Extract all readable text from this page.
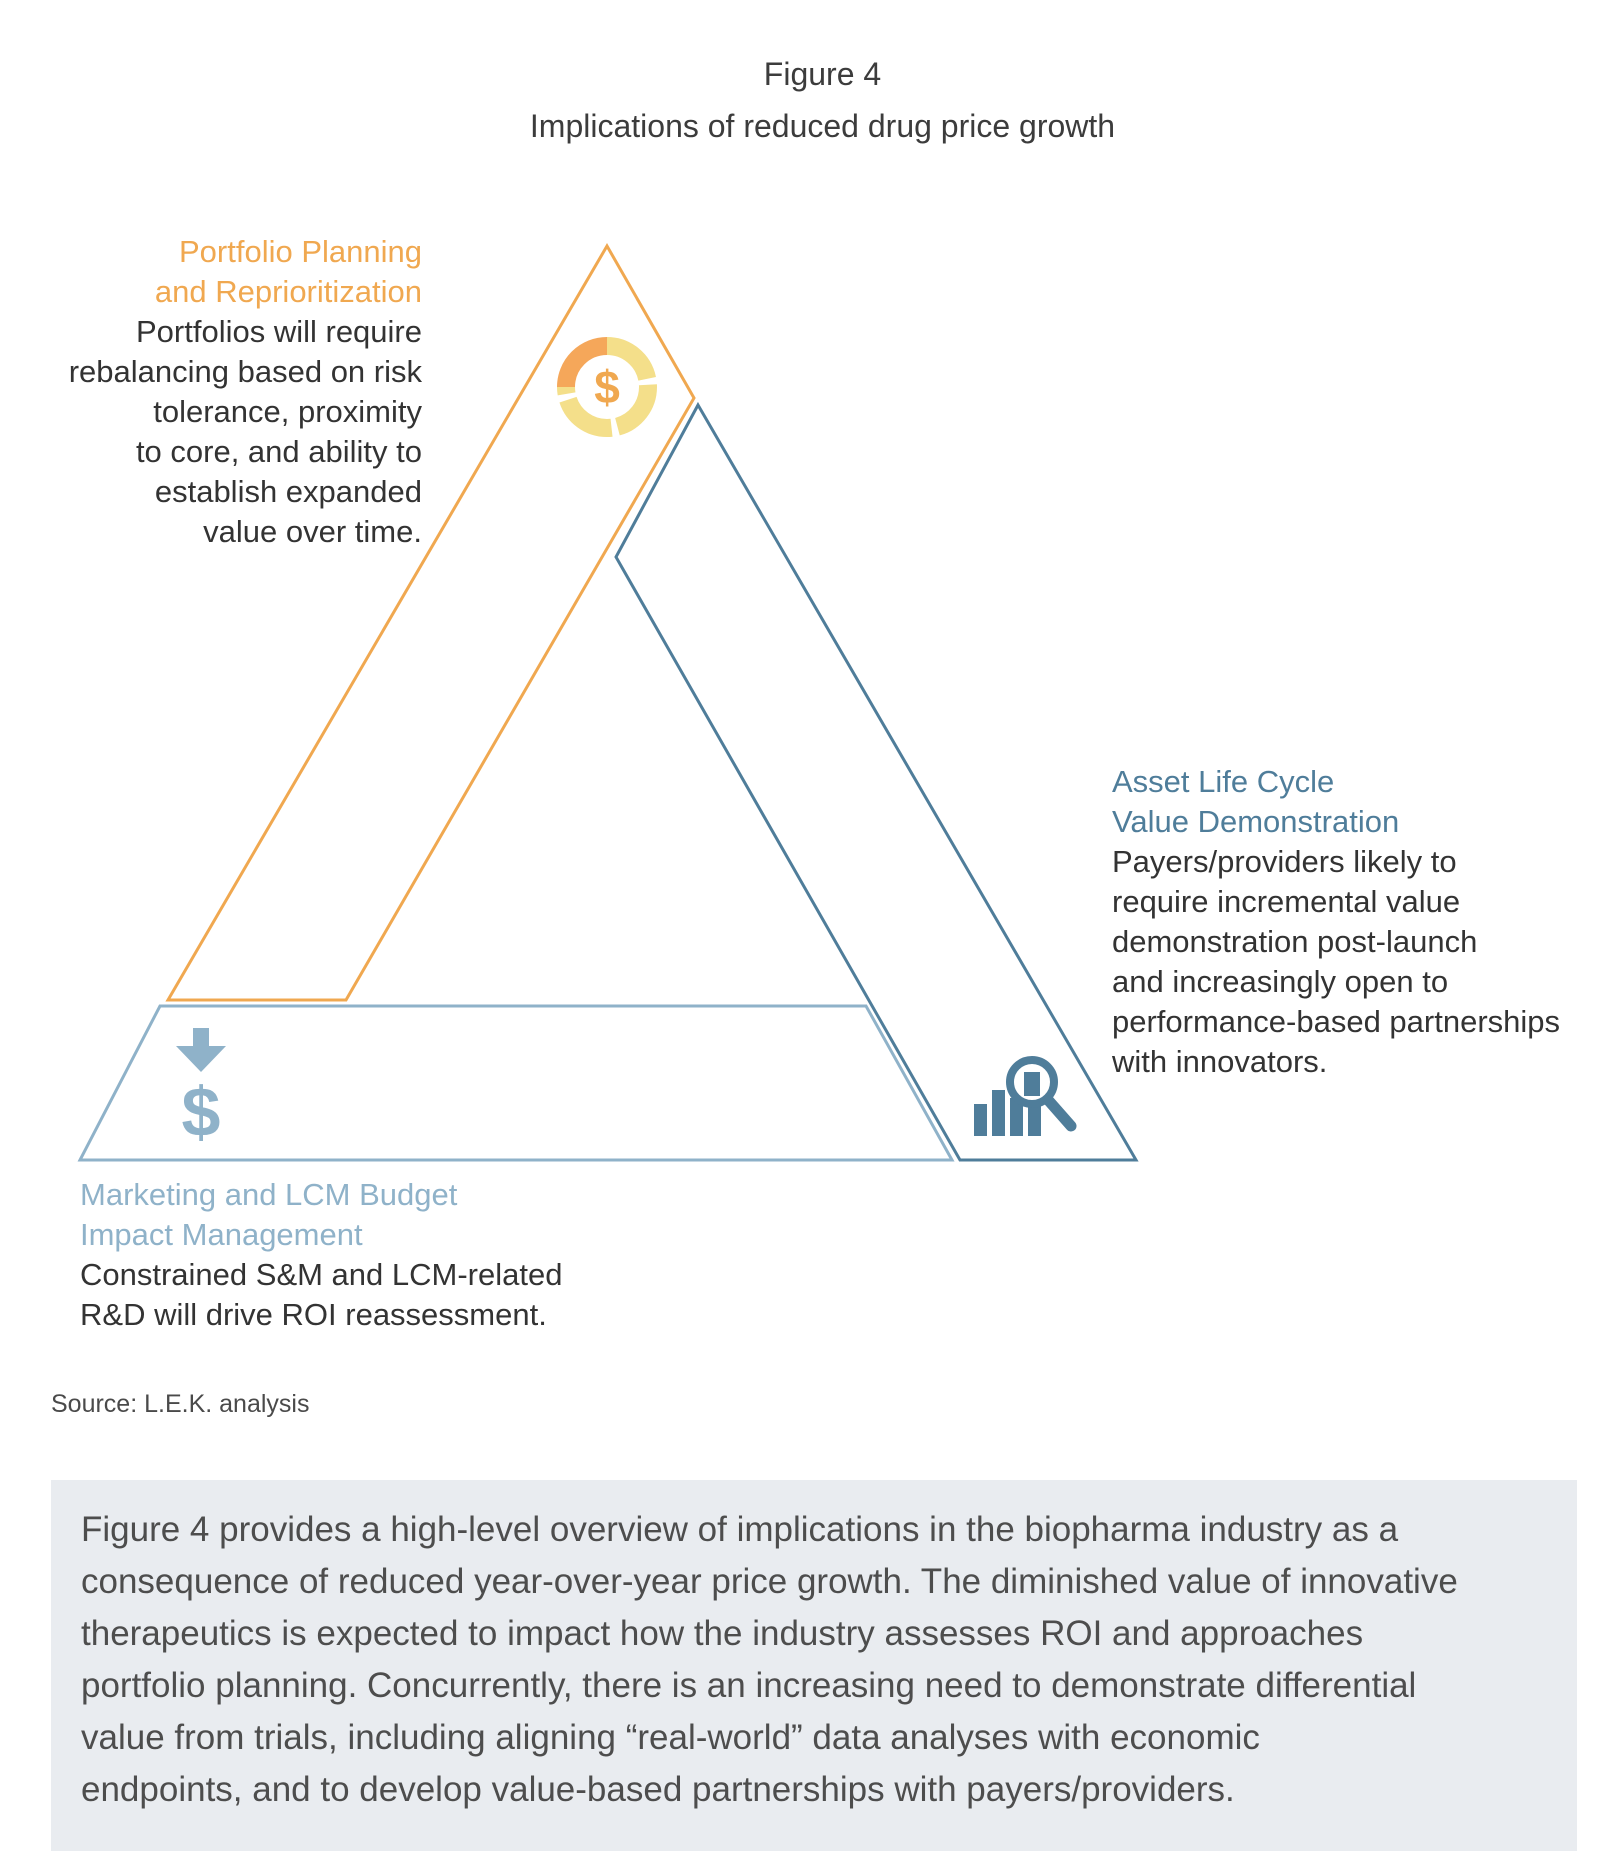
Figure 4
Implications of reduced drug price growth
$
$
Portfolio Planning
and Reprioritization
Portfolios will require
rebalancing based on risk
tolerance, proximity
to core, and ability to
establish expanded
value over time.
Asset Life Cycle
Value Demonstration
Payers/providers likely to
require incremental value
demonstration post-launch
and increasingly open to
performance-based partnerships
with innovators.
Marketing and LCM Budget
Impact Management
Constrained S&M and LCM-related
R&D will drive ROI reassessment.
Source: L.E.K. analysis
Figure 4 provides a high-level overview of implications in the biopharma industry as a
consequence of reduced year-over-year price growth. The diminished value of innovative
therapeutics is expected to impact how the industry assesses ROI and approaches
portfolio planning. Concurrently, there is an increasing need to demonstrate differential
value from trials, including aligning “real-world” data analyses with economic
endpoints, and to develop value-based partnerships with payers/providers.
